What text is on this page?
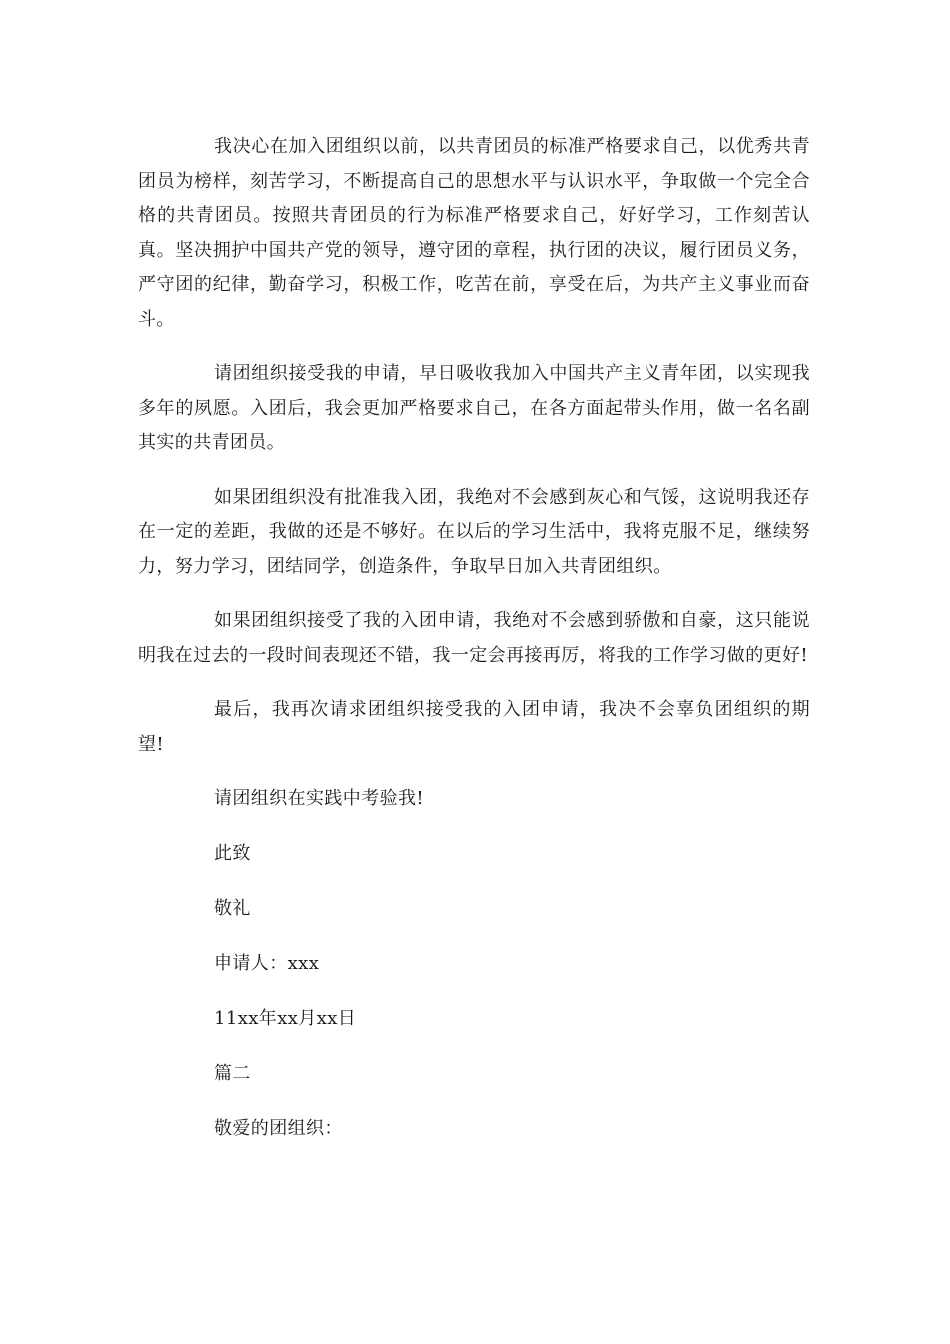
我决心在加入团组织以前，以共青团员的标准严格要求自己，以优秀共青团员为榜样，刻苦学习，不断提高自己的思想水平与认识水平，争取做一个完全合格的共青团员。按照共青团员的行为标准严格要求自己，好好学习，工作刻苦认真。坚决拥护中国共产党的领导，遵守团的章程，执行团的决议，履行团员义务，严守团的纪律，勤奋学习，积极工作，吃苦在前，享受在后，为共产主义事业而奋斗。

请团组织接受我的申请，早日吸收我加入中国共产主义青年团，以实现我多年的夙愿。入团后，我会更加严格要求自己，在各方面起带头作用，做一名名副其实的共青团员。

如果团组织没有批准我入团，我绝对不会感到灰心和气馁，这说明我还存在一定的差距，我做的还是不够好。在以后的学习生活中，我将克服不足，继续努力，努力学习，团结同学，创造条件，争取早日加入共青团组织。

如果团组织接受了我的入团申请，我绝对不会感到骄傲和自豪，这只能说明我在过去的一段时间表现还不错，我一定会再接再厉，将我的工作学习做的更好!

最后，我再次请求团组织接受我的入团申请，我决不会辜负团组织的期望!

请团组织在实践中考验我!
此致
敬礼
申请人：xxx
11xx年xx月xx日
篇二
敬爱的团组织：
